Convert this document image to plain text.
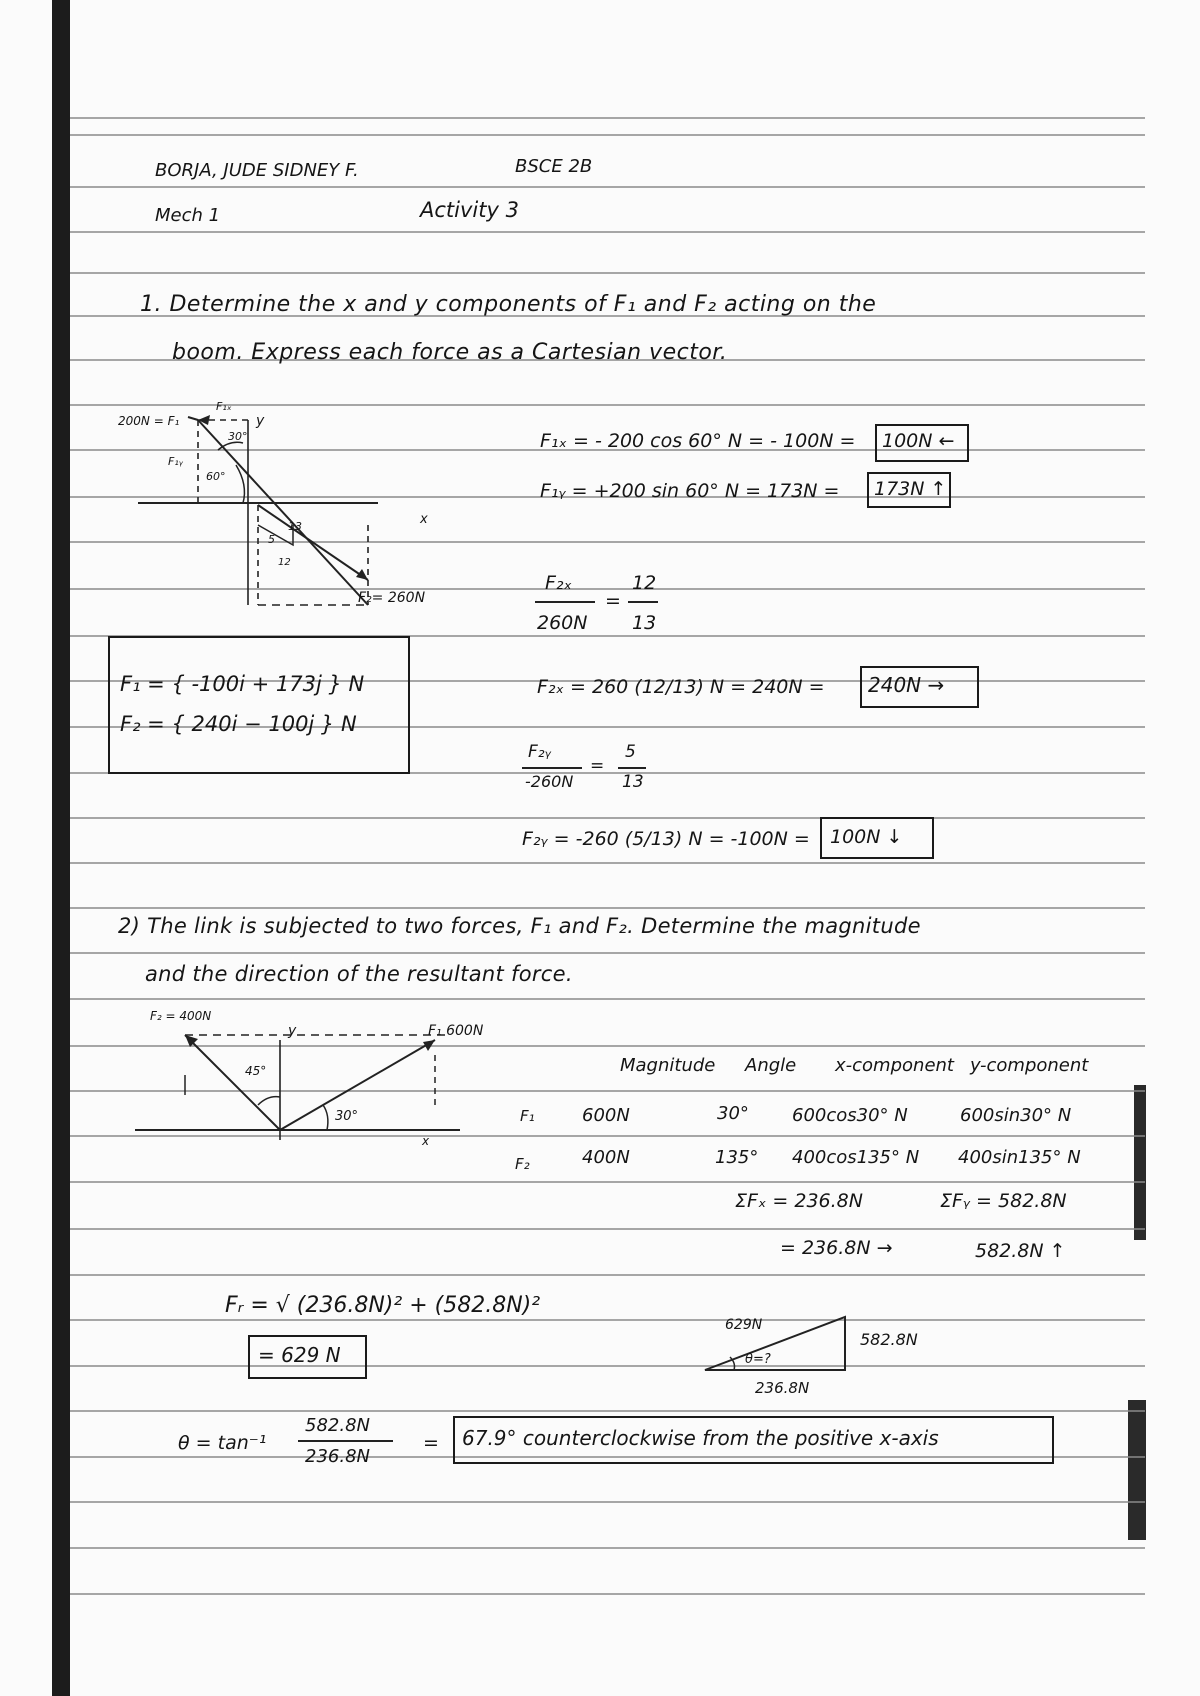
BORJA, JUDE SIDNEY F.	BSCE 2B
Mech 1	Activity 3
1. Determine the x and y components of F₁ and F₂ acting on the
boom. Express each force as a Cartesian vector.
200N = F₁
F₁ₓ
F₁ᵧ
30°
60°
y
x
5
13
12
F₂= 260N
F₁ₓ = - 200 cos 60° N = - 100N = 100N ←
F₁ᵧ = +200 sin 60° N = 173N = 173N ↑
F₂ₓ
260N
=
12
13
F₂ₓ = 260 (12/13) N = 240N = 240N →
F₂ᵧ
-260N
=
5
13
F₂ᵧ = -260 (5/13) N = -100N = 100N ↓
F₁ = { -100i + 173j } N
F₂ = { 240i − 100j } N
2) The link is subjected to two forces, F₁ and F₂. Determine the magnitude
and the direction of the resultant force.
F₂ = 400N
F₁ 600N
45°
30°
y
x
Magnitude Angle x-component y-component
F₁	600N	30° 600cos30° N	600sin30° N
F₂	400N	135° 400cos135° N 400sin135° N
ΣFₓ = 236.8N	ΣFᵧ = 582.8N
= 236.8N →	582.8N ↑
Fᵣ = √ (236.8N)² + (582.8N)²
= 629 N
629N
θ=?
582.8N
236.8N
θ = tan⁻¹
582.8N
236.8N
= 67.9° counterclockwise from the positive x-axis
